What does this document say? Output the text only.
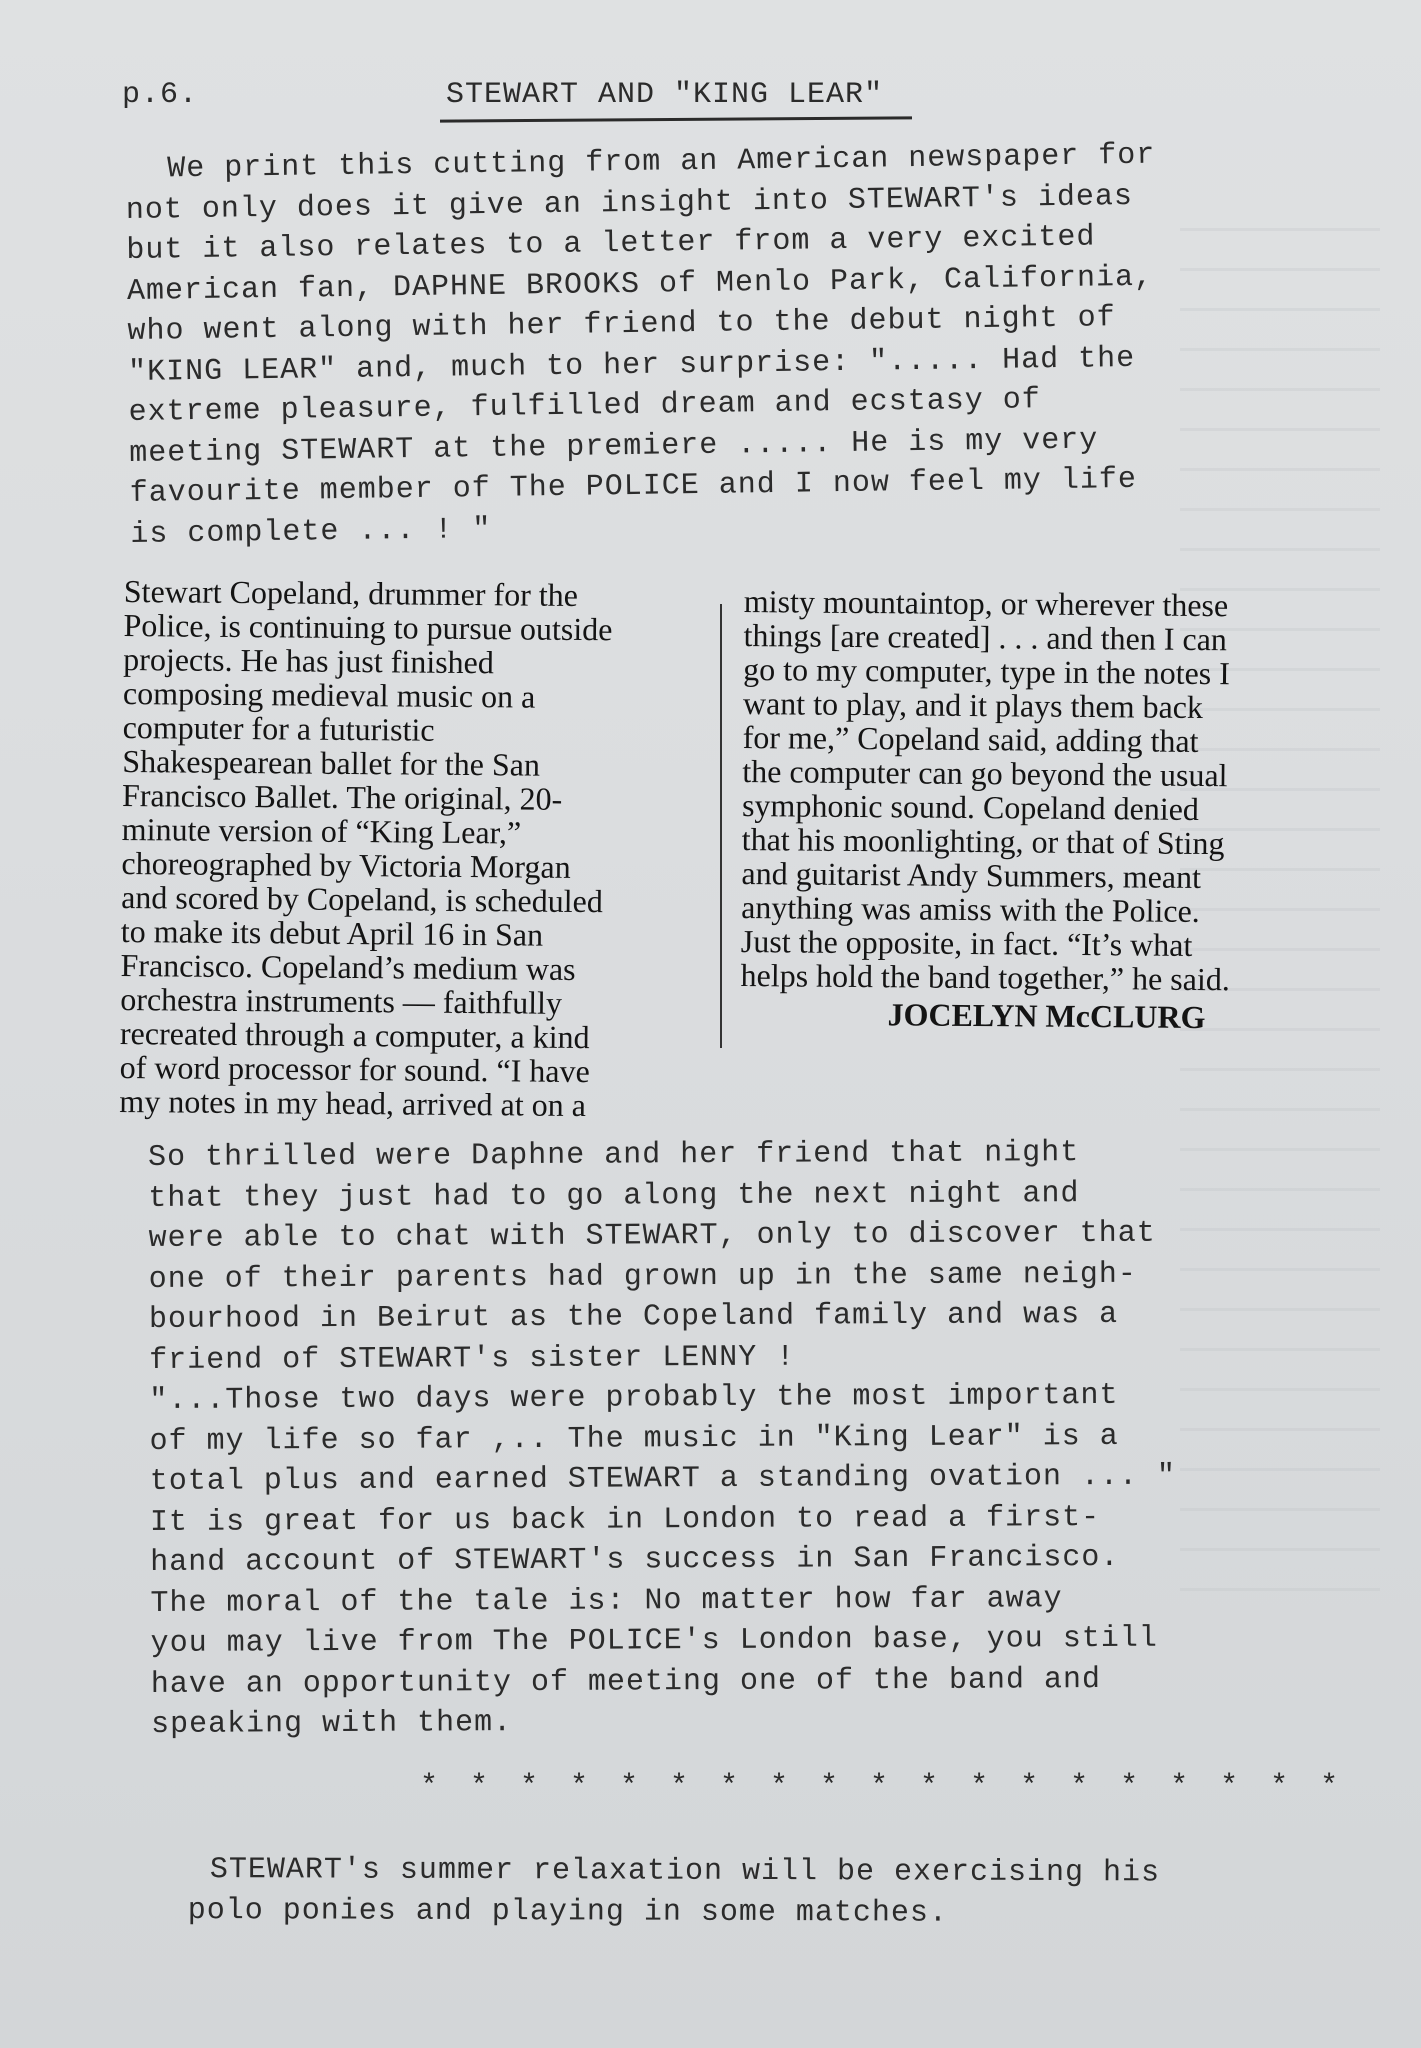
p.6.	STEWART AND "KING LEAR"
We print this cutting from an American newspaper for
not only does it give an insight into STEWART's ideas
but it also relates to a letter from a very excited
American fan, DAPHNE BROOKS of Menlo Park, California,
who went along with her friend to the debut night of
"KING LEAR" and, much to her surprise: "..... Had the
extreme pleasure, fulfilled dream and ecstasy of
meeting STEWART at the premiere ..... He is my very
favourite member of The POLICE and I now feel my life
is complete ... ! "
Stewart Copeland, drummer for the
Police, is continuing to pursue outside
projects. He has just finished
composing medieval music on a
computer for a futuristic
Shakespearean ballet for the San
Francisco Ballet. The original, 20-
minute version of “King Lear,”
choreographed by Victoria Morgan
and scored by Copeland, is scheduled
to make its debut April 16 in San
Francisco. Copeland’s medium was
orchestra instruments — faithfully
recreated through a computer, a kind
of word processor for sound. “I have
my notes in my head, arrived at on a
misty mountaintop, or wherever these
things [are created] . . . and then I can
go to my computer, type in the notes I
want to play, and it plays them back
for me,” Copeland said, adding that
the computer can go beyond the usual
symphonic sound. Copeland denied
that his moonlighting, or that of Sting
and guitarist Andy Summers, meant
anything was amiss with the Police.
Just the opposite, in fact. “It’s what
helps hold the band together,” he said.
JOCELYN McCLURG
So thrilled were Daphne and her friend that night
that they just had to go along the next night and
were able to chat with STEWART, only to discover that
one of their parents had grown up in the same neigh-
bourhood in Beirut as the Copeland family and was a
friend of STEWART's sister LENNY !
"...Those two days were probably the most important
of my life so far ,.. The music in "King Lear" is a
total plus and earned STEWART a standing ovation ... "
It is great for us back in London to read a first-
hand account of STEWART's success in San Francisco.
The moral of the tale is: No matter how far away
you may live from The POLICE's London base, you still
have an opportunity of meeting one of the band and
speaking with them.
* * * * * * * * * * * * * * * * * * *
STEWART's summer relaxation will be exercising his
polo ponies and playing in some matches.
